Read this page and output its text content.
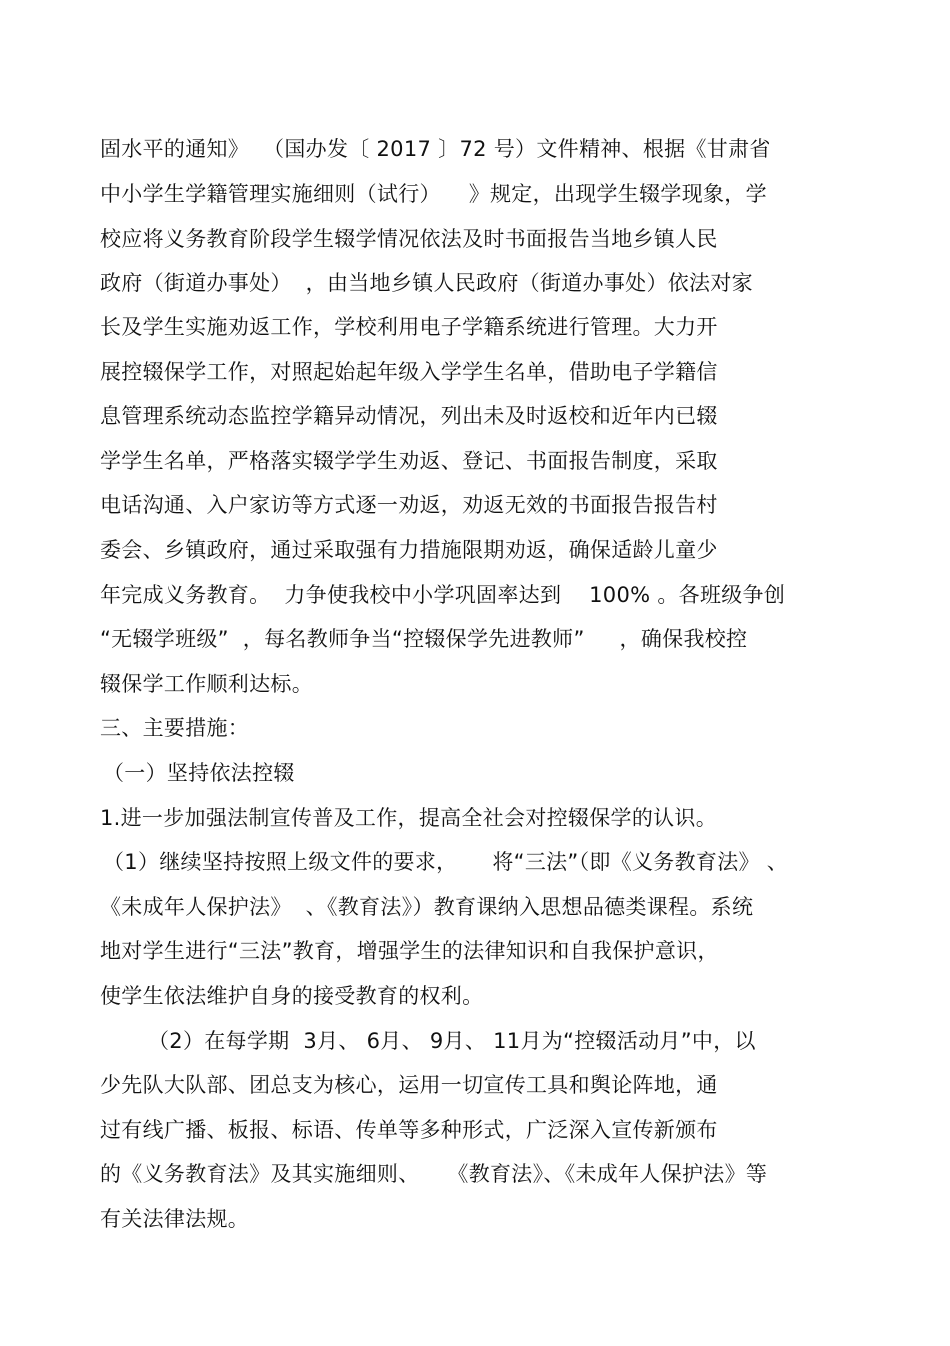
固水平的通知》  （国办发〔 2017 〕72 号）文件精神、根据《甘肃省
中小学生学籍管理实施细则（试行）    》规定，出现学生辍学现象，学
校应将义务教育阶段学生辍学情况依法及时书面报告当地乡镇人民
政府（街道办事处）  ，由当地乡镇人民政府（街道办事处）依法对家
长及学生实施劝返工作，学校利用电子学籍系统进行管理。大力开
展控辍保学工作，对照起始起年级入学学生名单，借助电子学籍信
息管理系统动态监控学籍异动情况，列出未及时返校和近年内已辍
学学生名单，严格落实辍学学生劝返、登记、书面报告制度，采取
电话沟通、入户家访等方式逐一劝返，劝返无效的书面报告报告村
委会、乡镇政府，通过采取强有力措施限期劝返，确保适龄儿童少
年完成义务教育。  力争使我校中小学巩固率达到    100% 。各班级争创
“无辍学班级”  ，每名教师争当“控辍保学先进教师”     ，确保我校控
辍保学工作顺利达标。
三、主要措施：
（一）坚持依法控辍
1.进一步加强法制宣传普及工作，提高全社会对控辍保学的认识。
（1）继续坚持按照上级文件的要求，     将“三法”（即《义务教育法》 、
《未成年人保护法》  、《教育法》）教育课纳入思想品德类课程。系统
地对学生进行“三法”教育，增强学生的法律知识和自我保护意识，
使学生依法维护自身的接受教育的权利。
（2）在每学期  3月、 6月、 9月、 11月为“控辍活动月”中，以
少先队大队部、团总支为核心，运用一切宣传工具和舆论阵地，通
过有线广播、板报、标语、传单等多种形式，广泛深入宣传新颁布
的《义务教育法》及其实施细则、    《教育法》、《未成年人保护法》等
有关法律法规。
